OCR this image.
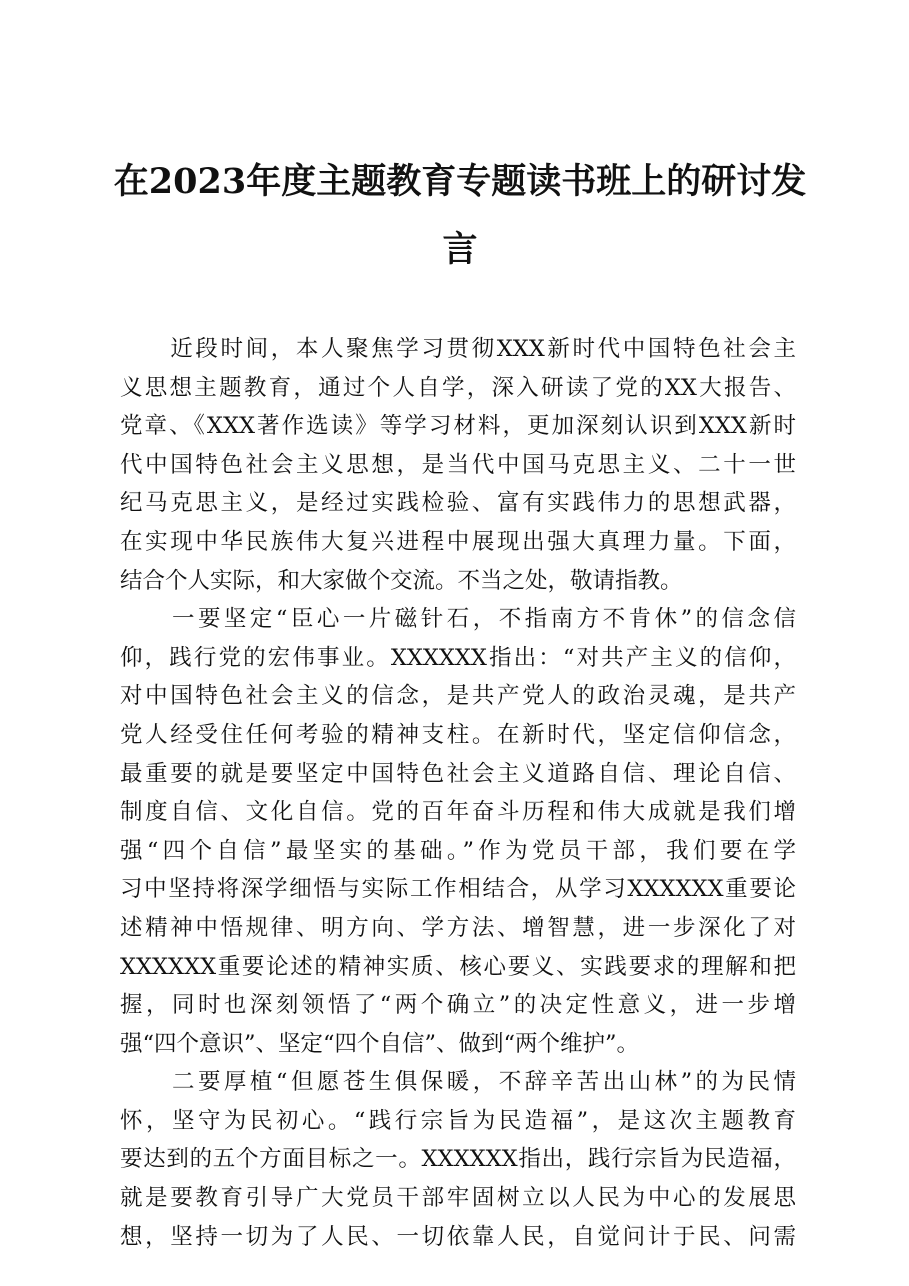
在2023年度主题教育专题读书班上的研讨发
言
　　近段时间，本人聚焦学习贯彻XXX新时代中国特色社会主
义思想主题教育，通过个人自学，深入研读了党的XX大报告、
党章、《XXX著作选读》等学习材料，更加深刻认识到XXX新时
代中国特色社会主义思想，是当代中国马克思主义、二十一世
纪马克思主义，是经过实践检验、富有实践伟力的思想武器，
在实现中华民族伟大复兴进程中展现出强大真理力量。下面，
结合个人实际，和大家做个交流。不当之处，敬请指教。
　　一要坚定“臣心一片磁针石，不指南方不肯休”的信念信
仰，践行党的宏伟事业。XXXXXX指出：“对共产主义的信仰，
对中国特色社会主义的信念，是共产党人的政治灵魂，是共产
党人经受住任何考验的精神支柱。在新时代，坚定信仰信念，
最重要的就是要坚定中国特色社会主义道路自信、理论自信、
制度自信、文化自信。党的百年奋斗历程和伟大成就是我们增
强“四个自信”最坚实的基础。”作为党员干部，我们要在学
习中坚持将深学细悟与实际工作相结合，从学习XXXXXX重要论
述精神中悟规律、明方向、学方法、增智慧，进一步深化了对
XXXXXX重要论述的精神实质、核心要义、实践要求的理解和把
握，同时也深刻领悟了“两个确立”的决定性意义，进一步增
强“四个意识”、坚定“四个自信”、做到“两个维护”。
　　二要厚植“但愿苍生俱保暖，不辞辛苦出山林”的为民情
怀，坚守为民初心。“践行宗旨为民造福”，是这次主题教育
要达到的五个方面目标之一。XXXXXX指出，践行宗旨为民造福，
就是要教育引导广大党员干部牢固树立以人民为中心的发展思
想，坚持一切为了人民、一切依靠人民，自觉问计于民、问需
